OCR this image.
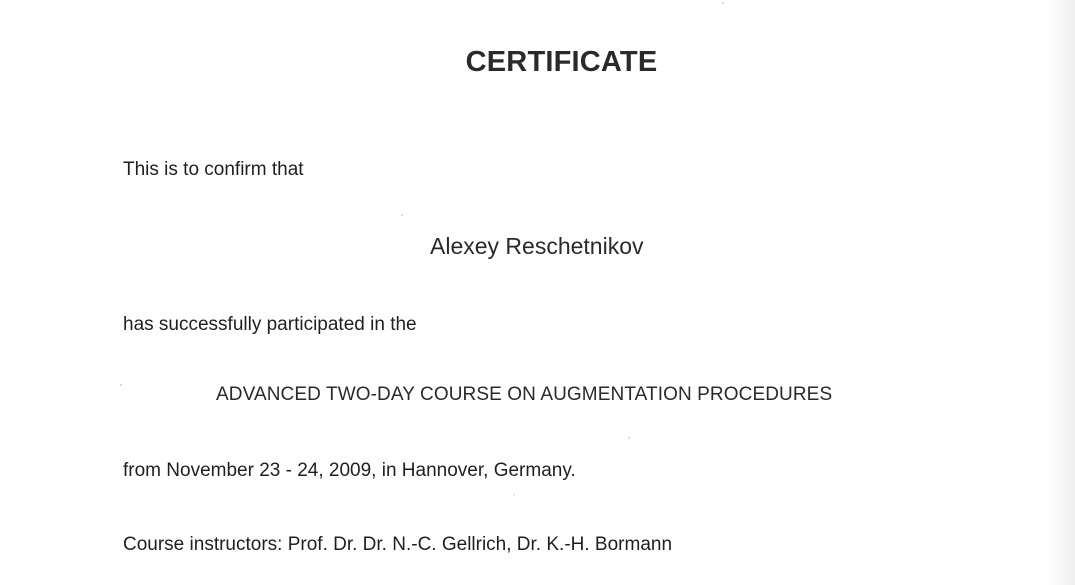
CERTIFICATE
This is to confirm that
Alexey Reschetnikov
has successfully participated in the
ADVANCED TWO-DAY COURSE ON AUGMENTATION PROCEDURES
from November 23 - 24, 2009, in Hannover, Germany.
Course instructors: Prof. Dr. Dr. N.-C. Gellrich, Dr. K.-H. Bormann
